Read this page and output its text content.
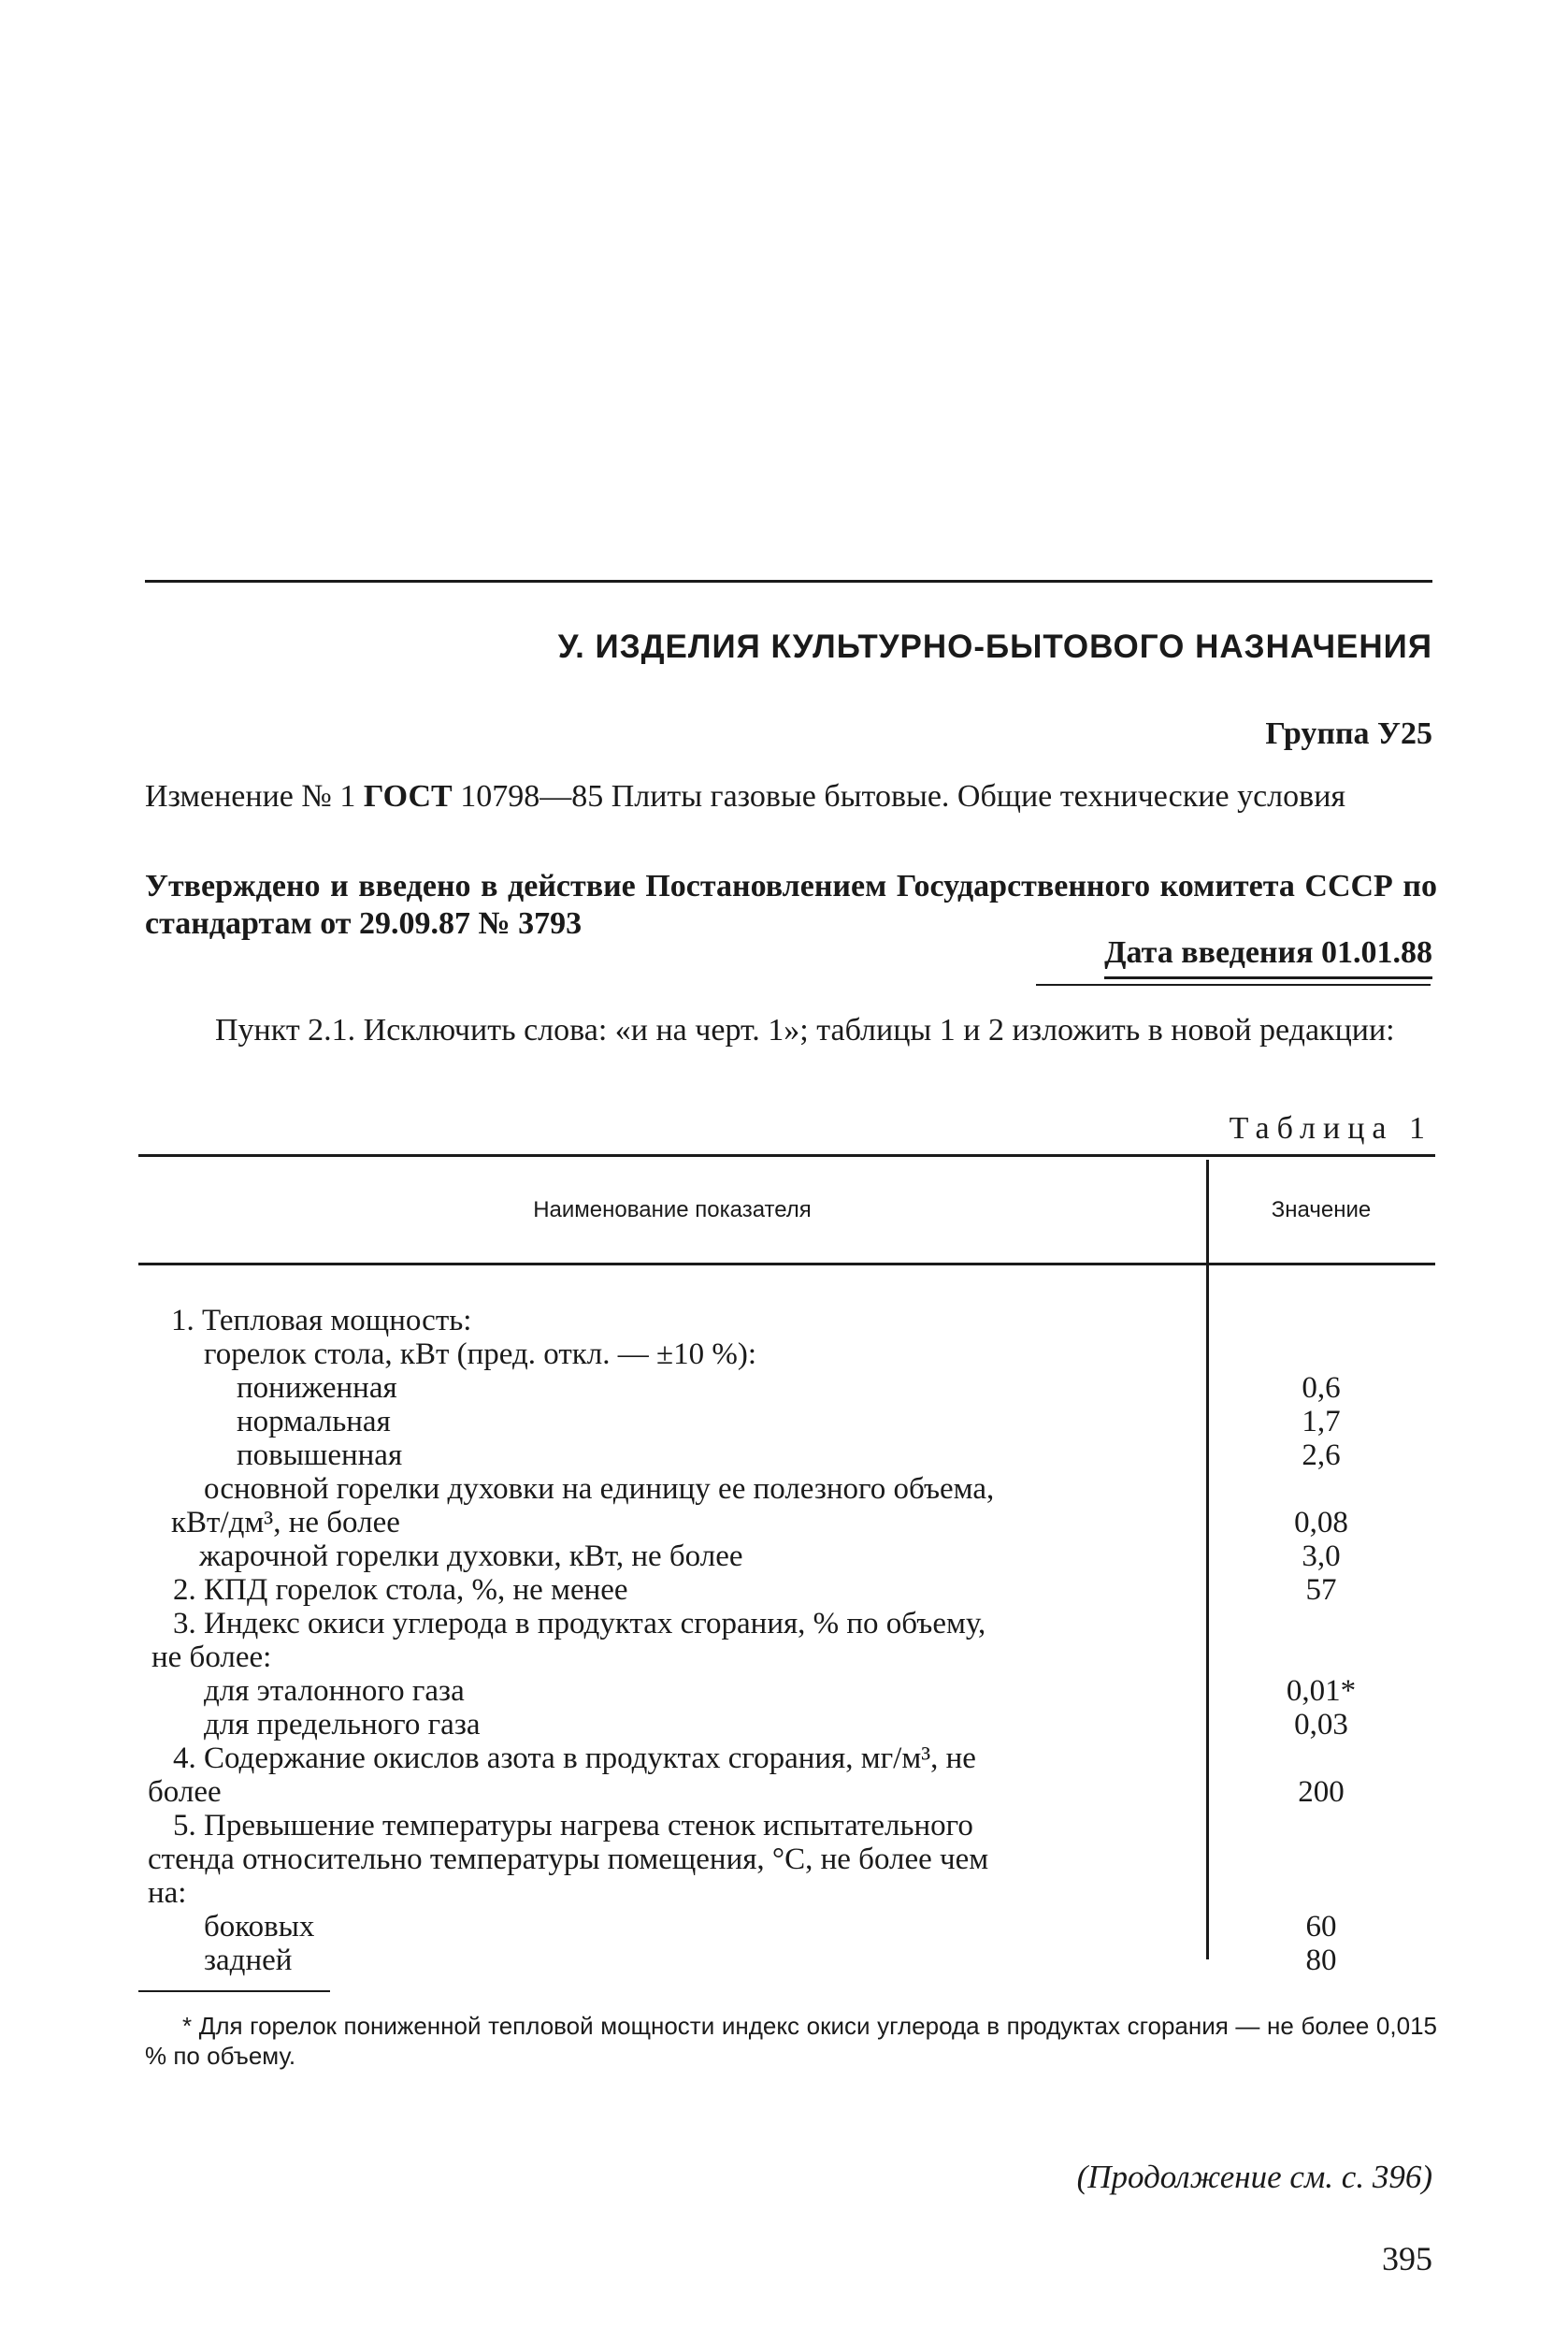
У. ИЗДЕЛИЯ КУЛЬТУРНО-БЫТОВОГО НАЗНАЧЕНИЯ
Группа У25
Изменение № 1 ГОСТ 10798—85 Плиты газовые бытовые. Общие технические условия
Утверждено и введено в действие Постановлением Государственного комитета СССР по стандартам от 29.09.87 № 3793
Дата введения 01.01.88
Пункт 2.1. Исключить слова: «и на черт. 1»; таблицы 1 и 2 изложить в новой редакции:
Таблица 1
Наименование показателя	Значение
1. Тепловая мощность:
горелок стола, кВт (пред. откл. — ±10 %):
пониженная	0,6
нормальная	1,7
повышенная	2,6
основной горелки духовки на единицу ее полезного объема,
кВт/дм³, не более	0,08
жарочной горелки духовки, кВт, не более	3,0
2. КПД горелок стола, %, не менее	57
3. Индекс окиси углерода в продуктах сгорания, % по объему,
не более:
для эталонного газа	0,01*
для предельного газа	0,03
4. Содержание окислов азота в продуктах сгорания, мг/м³, не
более	200
5. Превышение температуры нагрева стенок испытательного
стенда относительно температуры помещения, °С, не более чем
на:
боковых	60
задней	80
* Для горелок пониженной тепловой мощности индекс окиси углерода в продуктах сгорания — не более 0,015 % по объему.
(Продолжение см. с. 396)
395
